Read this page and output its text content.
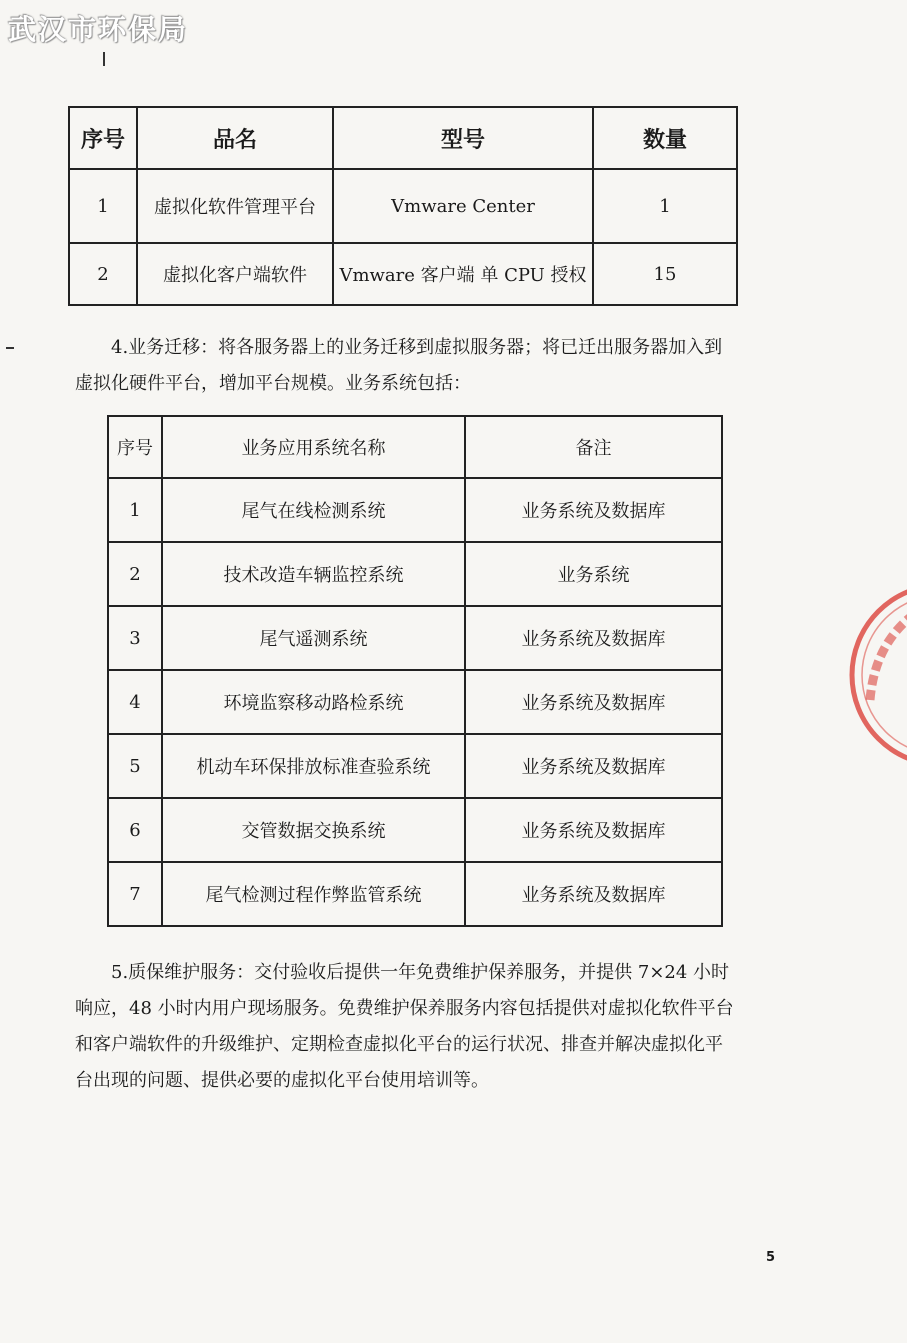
武汉市环保局
序号	品名	型号	数量
1	虚拟化软件管理平台	Vmware Center	1
2	虚拟化客户端软件	Vmware 客户端 单 CPU 授权	15
4.业务迁移：将各服务器上的业务迁移到虚拟服务器；将已迁出服务器加入到
虚拟化硬件平台，增加平台规模。业务系统包括：
序号	业务应用系统名称	备注
1	尾气在线检测系统	业务系统及数据库
2	技术改造车辆监控系统	业务系统
3	尾气遥测系统	业务系统及数据库
4	环境监察移动路检系统	业务系统及数据库
5	机动车环保排放标准查验系统	业务系统及数据库
6	交管数据交换系统	业务系统及数据库
7	尾气检测过程作弊监管系统	业务系统及数据库
5.质保维护服务：交付验收后提供一年免费维护保养服务，并提供 7×24 小时
响应，48 小时内用户现场服务。免费维护保养服务内容包括提供对虚拟化软件平台
和客户端软件的升级维护、定期检查虚拟化平台的运行状况、排查并解决虚拟化平
台出现的问题、提供必要的虚拟化平台使用培训等。
5
